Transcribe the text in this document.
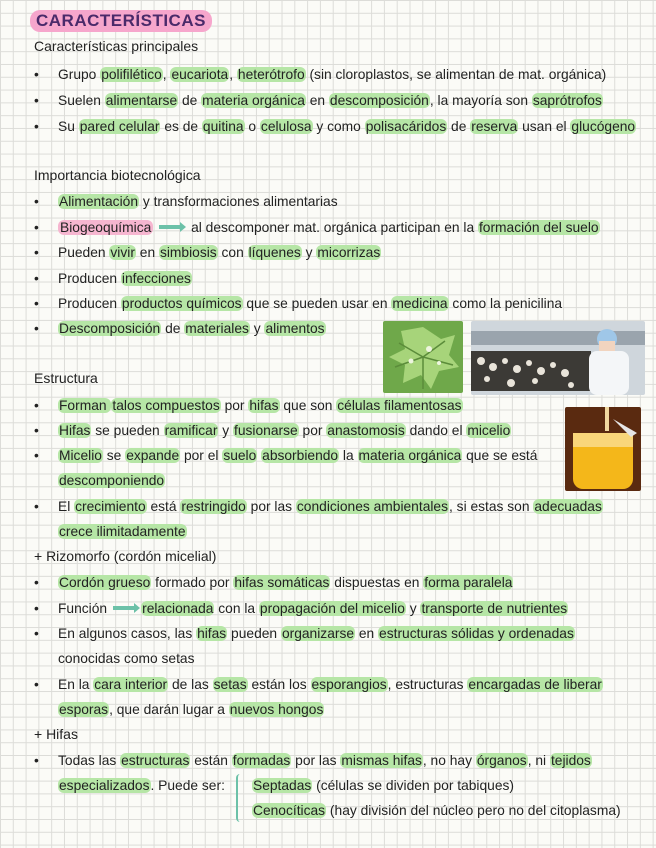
CARACTERÍSTICAS
Características principales
• Grupo polifilético, eucariota, heterótrofo (sin cloroplastos, se alimentan de mat. orgánica)
• Suelen alimentarse de materia orgánica en descomposición, la mayoría son saprótrofos
• Su pared celular es de quitina o celulosa y como polisacáridos de reserva usan el glucógeno
Importancia biotecnológica
• Alimentación y transformaciones alimentarias
• Biogeoquímica	al descomponer mat. orgánica participan en la formación del suelo
• Pueden vivir en simbiosis con líquenes y micorrizas
• Producen infecciones
• Producen productos químicos que se pueden usar en medicina como la penicilina
• Descomposición de materiales y alimentos
Estructura
• Forman talos compuestos por hifas que son células filamentosas
• Hifas se pueden ramificar y fusionarse por anastomosis dando el micelio
• Micelio se expande por el suelo absorbiendo la materia orgánica que se está
descomponiendo
• El crecimiento está restringido por las condiciones ambientales, si estas son adecuadas
crece ilimitadamente
+ Rizomorfo (cordón micelial)
• Cordón grueso formado por hifas somáticas dispuestas en forma paralela
• Función	relacionada con la propagación del micelio y transporte de nutrientes
• En algunos casos, las hifas pueden organizarse en estructuras sólidas y ordenadas
conocidas como setas
• En la cara interior de las setas están los esporangios, estructuras encargadas de liberar
esporas, que darán lugar a nuevos hongos
+ Hifas
• Todas las estructuras están formadas por las mismas hifas, no hay órganos, ni tejidos
especializados. Puede ser: Septadas (células se dividen por tabiques)
Cenocíticas (hay división del núcleo pero no del citoplasma)
